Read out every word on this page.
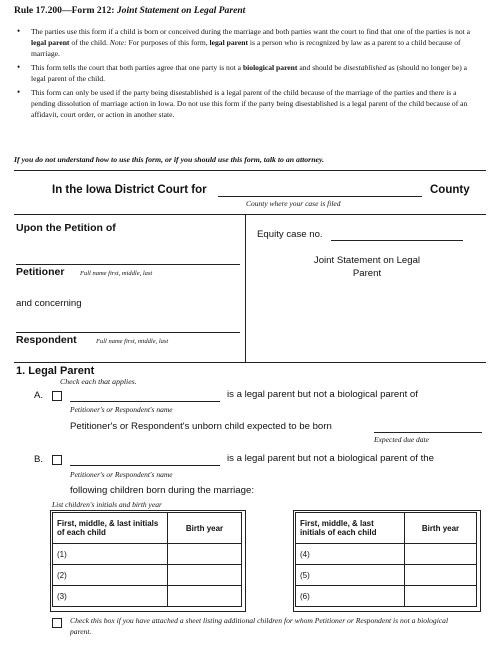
Rule 17.200—Form 212: Joint Statement on Legal Parent
• The parties use this form if a child is born or conceived during the marriage and both parties want the court to find that one of the parties is not a legal parent of the child. Note: For purposes of this form, legal parent is a person who is recognized by law as a parent to a child because of marriage.
• This form tells the court that both parties agree that one party is not a biological parent and should be disestablished as (should no longer be) a legal parent of the child.
• This form can only be used if the party being disestablished is a legal parent of the child because of the marriage of the parties and there is a pending dissolution of marriage action in Iowa. Do not use this form if the party being disestablished is a legal parent of the child because of an affidavit, court order, or action in another state.
If you do not understand how to use this form, or if you should use this form, talk to an attorney.
In the Iowa District Court for	County
County where your case is filed
Upon the Petition of
Petitioner Full name first, middle, last
and concerning
Respondent	Full name first, middle, last
Equity case no.
Joint Statement on Legal
Parent
1. Legal Parent
Check each that applies.
A.	is a legal parent but not a biological parent of
Petitioner's or Respondent's name
Petitioner's or Respondent's unborn child expected to be born
Expected due date
B.	is a legal parent but not a biological parent of the
Petitioner's or Respondent's name
following children born during the marriage:
List children's initials and birth year
First, middle, & last initials of each child	Birth year
(1)	
(2)	
(3)	
First, middle, & last initials of each child	Birth year
(4)	
(5)	
(6)	
Check this box if you have attached a sheet listing additional children for whom Petitioner or Respondent is not a biological parent.
